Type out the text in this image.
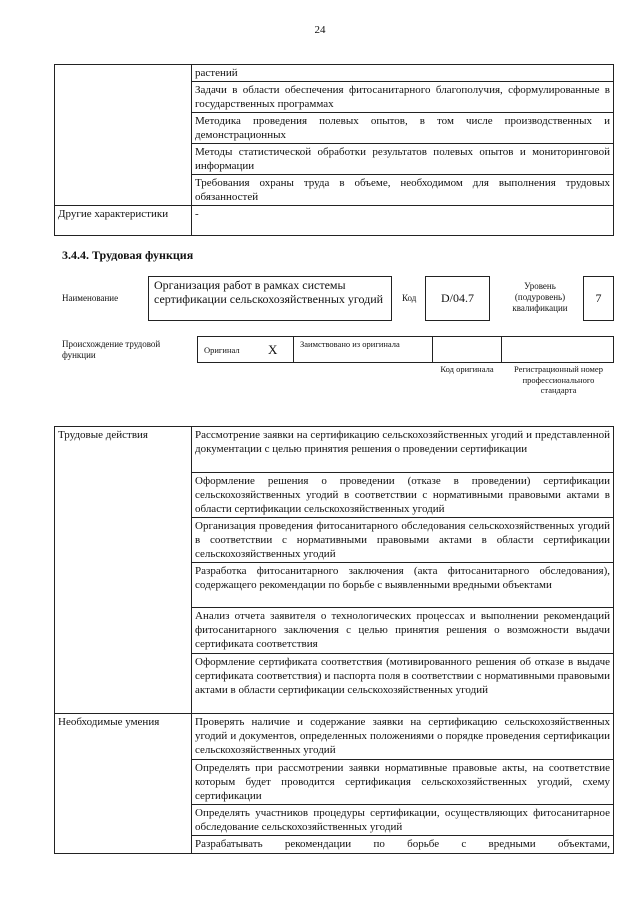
24
	растений
	Задачи в области обеспечения фитосанитарного благополучия, сформулированные в государственных программах
	Методика проведения полевых опытов, в том числе производственных и демонстрационных
	Методы статистической обработки результатов полевых опытов и мониторинговой информации
	Требования охраны труда в объеме, необходимом для выполнения трудовых обязанностей
Другие характеристики	-
3.4.4. Трудовая функция
Наименование
Организация работ в рамках системы сертификации сельскохозяйственных угодий	Код	D/04.7
Уровень (подуровень) квалификации
7
Происхождение трудовой функции	Оригинал X	Заимствовано из оригинала
Код оригинала	Регистрационный номер профессионального стандарта
Трудовые действия	Рассмотрение заявки на сертификацию сельскохозяйственных угодий и представленной документации с целью принятия решения о проведении сертификации
	Оформление решения о проведении (отказе в проведении) сертификации сельскохозяйственных угодий в соответствии с нормативными правовыми актами в области сертификации сельскохозяйственных угодий
	Организация проведения фитосанитарного обследования сельскохозяйственных угодий в соответствии с нормативными правовыми актами в области сертификации сельскохозяйственных угодий
	Разработка фитосанитарного заключения (акта фитосанитарного обследования), содержащего рекомендации по борьбе с выявленными вредными объектами
	Анализ отчета заявителя о технологических процессах и выполнении рекомендаций фитосанитарного заключения с целью принятия решения о возможности выдачи сертификата соответствия
	Оформление сертификата соответствия (мотивированного решения об отказе в выдаче сертификата соответствия) и паспорта поля в соответствии с нормативными правовыми актами в области сертификации сельскохозяйственных угодий
Необходимые умения	Проверять наличие и содержание заявки на сертификацию сельскохозяйственных угодий и документов, определенных положениями о порядке проведения сертификации сельскохозяйственных угодий
	Определять при рассмотрении заявки нормативные правовые акты, на соответствие которым будет проводится сертификация сельскохозяйственных угодий, схему сертификации
	Определять участников процедуры сертификации, осуществляющих фитосанитарное обследование сельскохозяйственных угодий
	Разрабатывать рекомендации по борьбе с вредными объектами,
